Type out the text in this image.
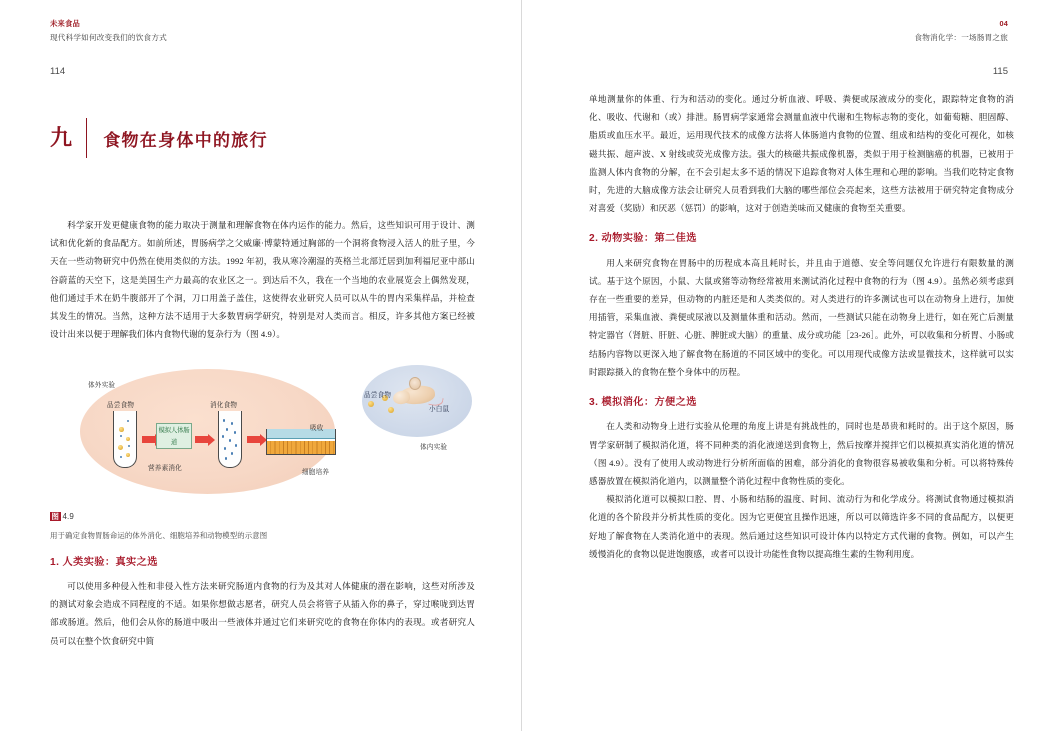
未来食品
现代科学如何改变我们的饮食方式
114
九	食物在身体中的旅行

科学家开发更健康食物的能力取决于测量和理解食物在体内运作的能力。然后，这些知识可用于设计、测试和优化新的食品配方。如前所述，胃肠病学之父威廉·博蒙特通过胸部的一个洞将食物浸入活人的肚子里，今天在一些动物研究中仍然在使用类似的方法。1992 年初，我从寒冷潮湿的英格兰北部迁居到加利福尼亚中部山谷蔚蓝的天空下，这是美国生产力最高的农业区之一。到达后不久，我在一个当地的农业展览会上偶然发现，他们通过手术在奶牛腹部开了个洞，刀口用盖子盖住，这使得农业研究人员可以从牛的胃内采集样品，并检查其发生的情况。当然，这种方法不适用于大多数胃病学研究，特别是对人类而言。相反，许多其他方案已经被设计出来以便于理解我们体内食物代谢的复杂行为（图 4.9）。

模拟人体肠道
体外实验
品尝食物	消化食物
吸收
细胞培养
营养素消化
品尝食物
小白鼠
体内实验
图 4.9
用于确定食物胃肠命运的体外消化、细胞培养和动物模型的示意图
1. 人类实验：真实之选

可以使用多种侵入性和非侵入性方法来研究肠道内食物的行为及其对人体健康的潜在影响，这些对所涉及的测试对象会造成不同程度的不适。如果你想做志愿者，研究人员会将管子从插入你的鼻子，穿过喉咙到达胃部或肠道。然后，他们会从你的肠道中吸出一些液体并通过它们来研究吃的食物在你体内的表现。或者研究人员可以在整个饮食研究中简

04
食物消化学：一场肠胃之旅
115

单地测量你的体重、行为和活动的变化。通过分析血液、呼吸、粪便或尿液成分的变化，跟踪特定食物的消化、吸收、代谢和（或）排泄。肠胃病学家通常会测量血液中代谢和生物标志物的变化，如葡萄糖、胆固醇、脂质或血压水平。最近，运用现代技术的成像方法将人体肠道内食物的位置、组成和结构的变化可视化，如核磁共振、超声波、X 射线或荧光成像方法。强大的核磁共振成像机器，类似于用于检测脑癌的机器，已被用于监测人体内食物的分解，在不会引起太多不适的情况下追踪食物对人体生理和心理的影响。当我们吃特定食物时，先进的大脑成像方法会让研究人员看到我们大脑的哪些部位会亮起来，这些方法被用于研究特定食物成分对喜爱（奖励）和厌恶（惩罚）的影响，这对于创造美味而又健康的食物至关重要。

2. 动物实验：第二佳选

用人来研究食物在胃肠中的历程成本高且耗时长，并且由于道德、安全等问题仅允许进行有限数量的测试。基于这个原因，小鼠、大鼠或猪等动物经常被用来测试消化过程中食物的行为（图 4.9）。虽然必须考虑到存在一些重要的差异，但动物的内脏还是和人类类似的。对人类进行的许多测试也可以在动物身上进行，加使用插管，采集血液、粪便或尿液以及测量体重和活动。然而，一些测试只能在动物身上进行，如在死亡后测量特定器官（肾脏、肝脏、心脏、脾脏或大脑）的重量、成分或功能［23-26］。此外，可以收集和分析胃、小肠或结肠内容物以更深入地了解食物在肠道的不同区域中的变化。可以用现代成像方法或显微技术，这样就可以实时跟踪摄入的食物在整个身体中的历程。

3. 模拟消化：方便之选

在人类和动物身上进行实验从伦理的角度上讲是有挑战性的，同时也是昂贵和耗时的。出于这个原因，肠胃学家研制了模拟消化道，将不同种类的消化液递送到食物上，然后按摩并搅拌它们以模拟真实消化道的情况（图 4.9）。没有了使用人或动物进行分析所面临的困难，部分消化的食物很容易被收集和分析。可以将特殊传感器放置在模拟消化道内，以测量整个消化过程中食物性质的变化。

模拟消化道可以模拟口腔、胃、小肠和结肠的温度、时间、流动行为和化学成分。将测试食物通过模拟消化道的各个阶段并分析其性质的变化。因为它更便宜且操作迅速，所以可以筛选许多不同的食品配方，以便更好地了解食物在人类消化道中的表现。然后通过这些知识可设计体内以特定方式代谢的食物。例如，可以产生缓慢消化的食物以促进饱腹感，或者可以设计功能性食物以提高维生素的生物利用度。
